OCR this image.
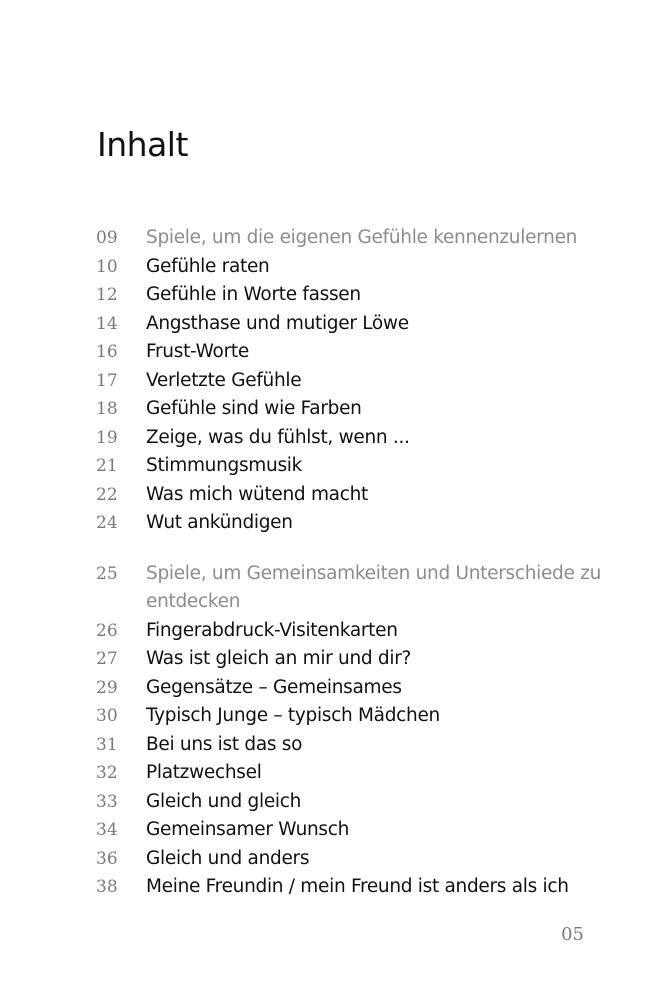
Inhalt
09	Spiele, um die eigenen Gefühle kennenzulernen
10	Gefühle raten
12	Gefühle in Worte fassen
14	Angsthase und mutiger Löwe
16	Frust-Worte
17	Verletzte Gefühle
18	Gefühle sind wie Farben
19	Zeige, was du fühlst, wenn ...
21	Stimmungsmusik
22	Was mich wütend macht
24	Wut ankündigen
25	Spiele, um Gemeinsamkeiten und Unterschiede zu entdecken
26	Fingerabdruck-Visitenkarten
27	Was ist gleich an mir und dir?
29	Gegensätze – Gemeinsames
30	Typisch Junge – typisch Mädchen
31	Bei uns ist das so
32	Platzwechsel
33	Gleich und gleich
34	Gemeinsamer Wunsch
36	Gleich und anders
38	Meine Freundin / mein Freund ist anders als ich
05
